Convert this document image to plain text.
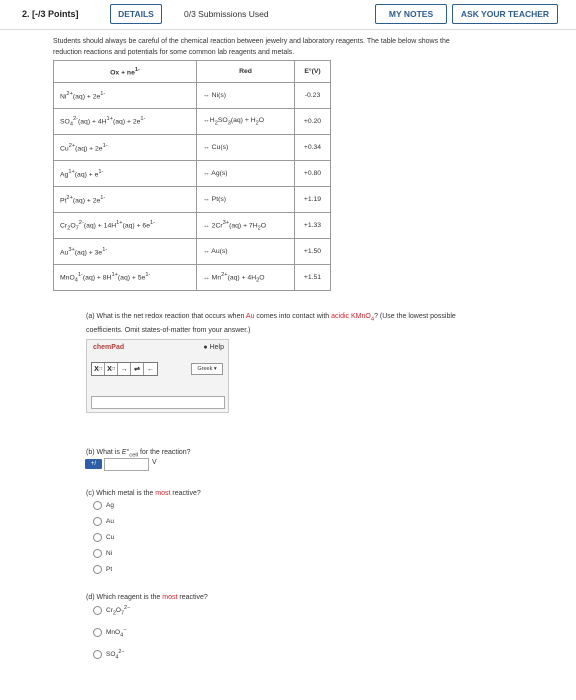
2. [-/3 Points]	DETAILS	0/3 Submissions Used	MY NOTES	ASK YOUR TEACHER
Students should always be careful of the chemical reaction between jewelry and laboratory reagents. The table below shows the
reduction reactions and potentials for some common lab reagents and metals.
$Ox + ne^{1-}$	Red	E°(V)
$Ni^{2+}(aq) + 2e^{1-}$	↔ Ni(s)	-0.23
$SO_4^{2-}(aq) + 4H^{1+}(aq) + 2e^{1-}$	$\leftrightarrow H_2SO_3(aq) + H_2O$	+0.20
$Cu^{2+}(aq) + 2e^{1-}$	↔ Cu(s)	+0.34
$Ag^{1+}(aq) + e^{1-}$	↔ Ag(s)	+0.80
$Pt^{2+}(aq) + 2e^{1-}$	↔ Pt(s)	+1.19
$Cr_2O_7^{2-}(aq) + 14H^{1+}(aq) + 6e^{1-}$	↔ $2Cr^{3+}(aq) + 7H_2O$	+1.33
$Au^{3+}(aq) + 3e^{1-}$	↔ Au(s)	+1.50
$MnO_4^{1-}(aq) + 8H^{1+}(aq) + 5e^{1-}$	↔ $Mn^{2+}(aq) + 4H_2O$	+1.51
(a) What is the net redox reaction that occurs when Au comes into contact with acidic KMnO$_4$? (Use the lowest possible
coefficients. Omit states-of-matter from your answer.)
chemPad	● Help
X □ X □ → ⇌	←	Greek ▾
(b) What is $E^\circ_{cell}$ for the reaction?
+/	V
(c) Which metal is the most reactive?
Ag
Au
Cu
Ni
Pt
(d) Which reagent is the most reactive?
$Cr_2O_7^{2-}$
MnO$_4$−
$SO_4^{2-}$
